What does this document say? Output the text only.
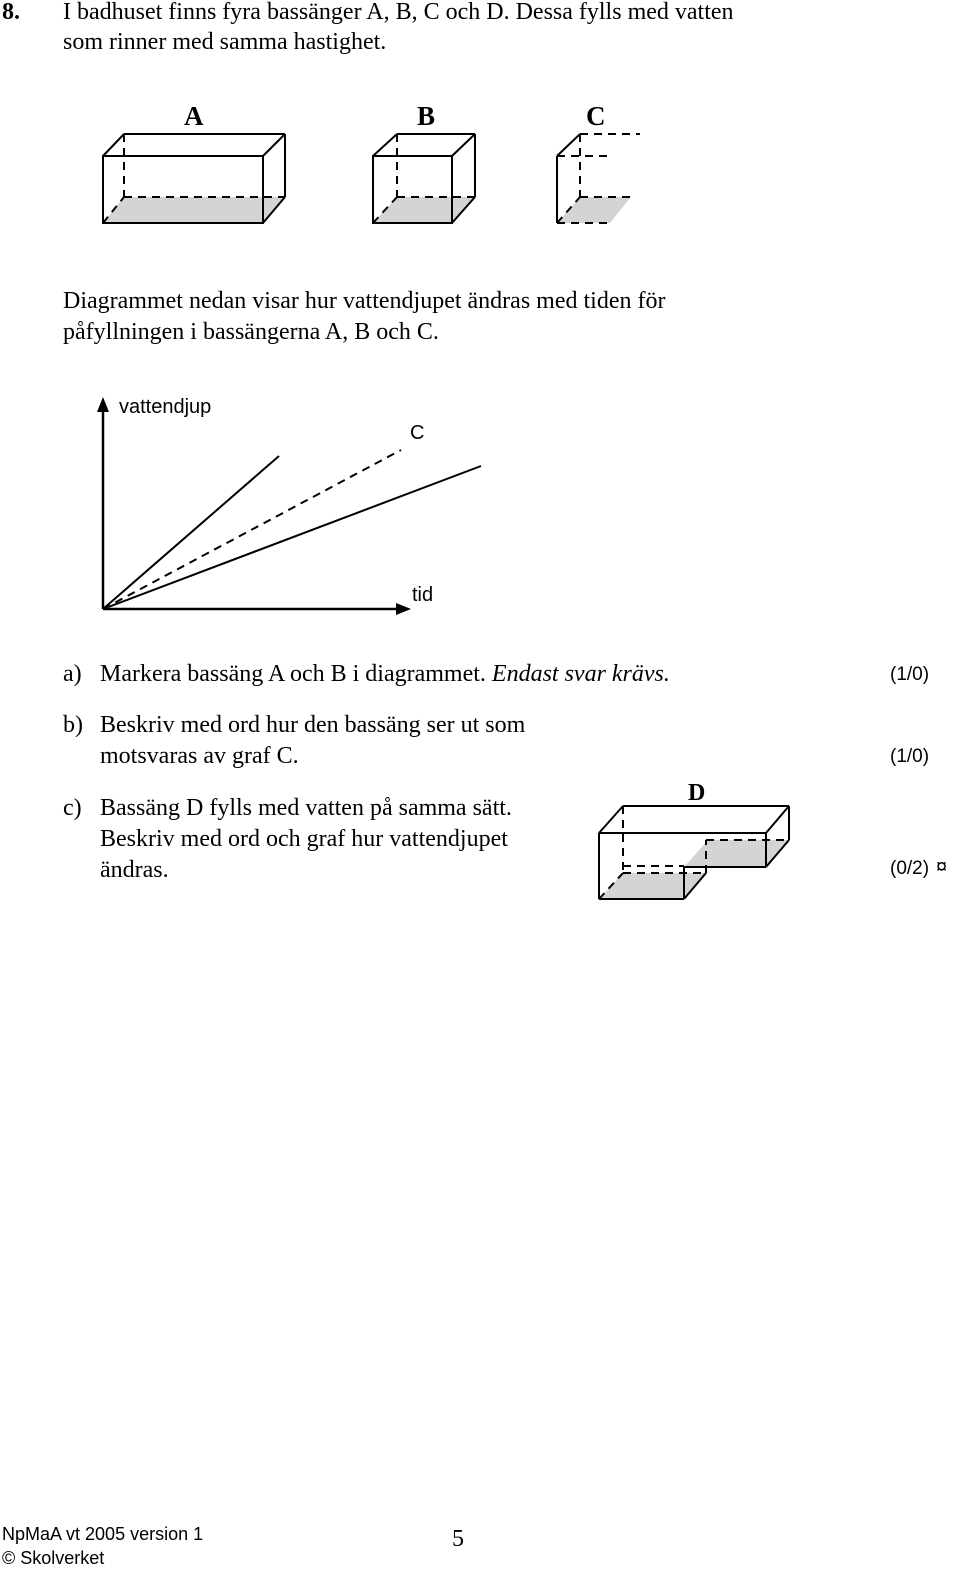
8. I badhuset finns fyra bassänger A, B, C och D. Dessa fylls med vatten
som rinner med samma hastighet.
A	B	C
Diagrammet nedan visar hur vattendjupet ändras med tiden för
påfyllningen i bassängerna A, B och C.
vattendjup
C
tid
a) Markera bassäng A och B i diagrammet. Endast svar krävs.	(1/0)
b) Beskriv med ord hur den bassäng ser ut som
motsvaras av graf C.	(1/0)
c) Bassäng D fylls med vatten på samma sätt.
Beskriv med ord och graf hur vattendjupet
ändras.	(0/2) ¤
D
NpMaA vt 2005 version 1
© Skolverket
5
